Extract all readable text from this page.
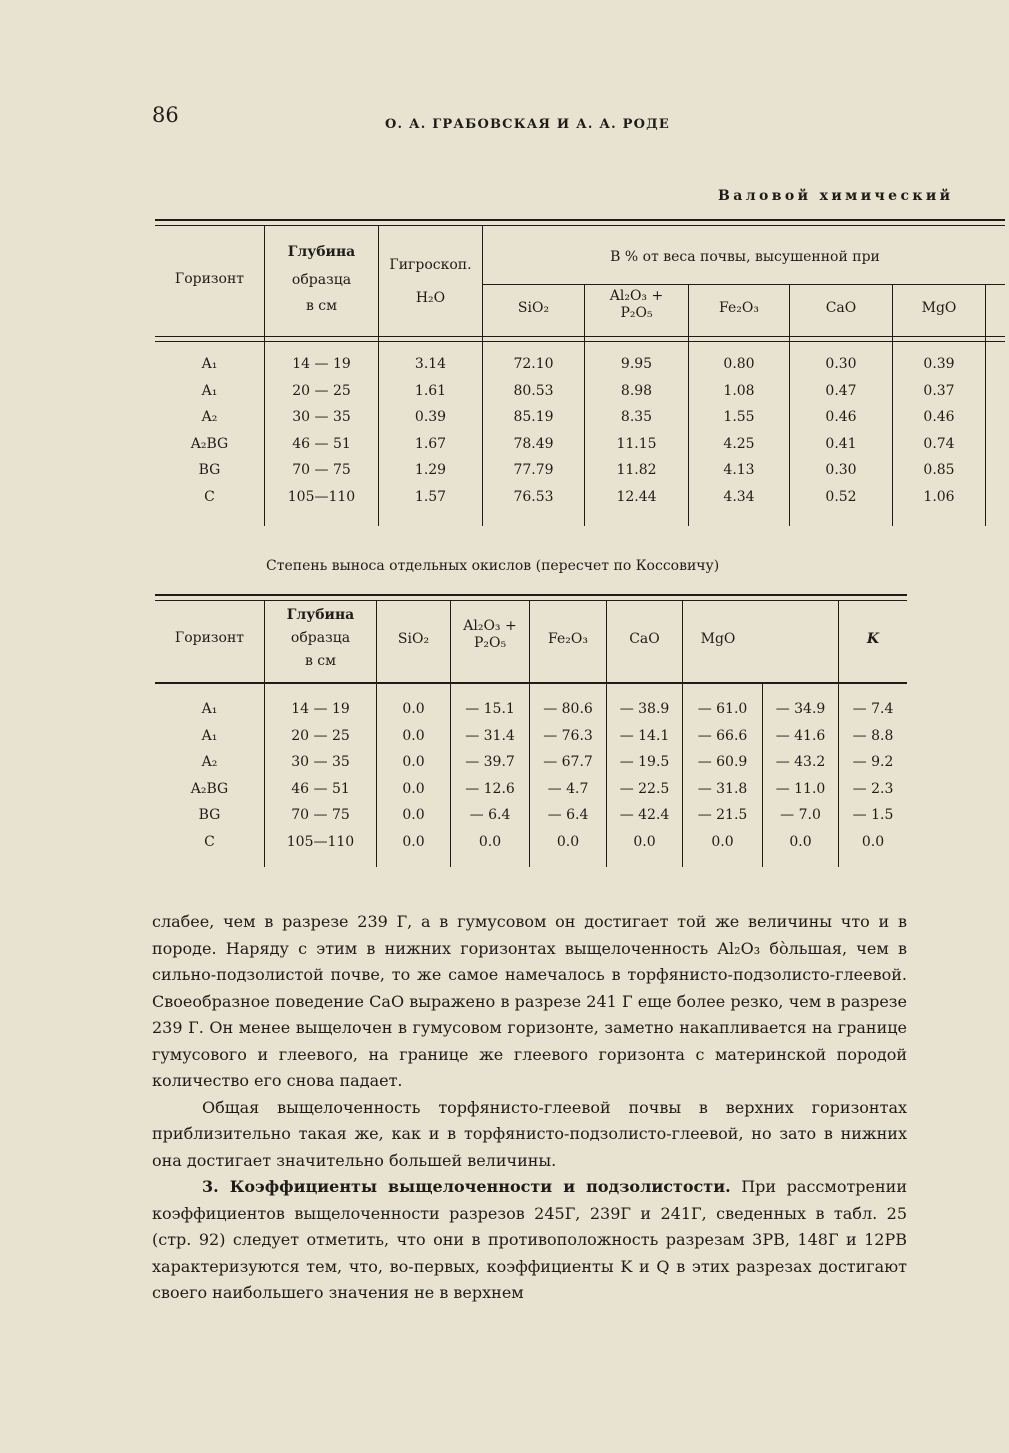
86	О. А. ГРАБОВСКАЯ И А. А. РОДЕ
Валовой химический
Горизонт
Глубина
образца
в см
Гигроскоп.
H₂O
В % от веса почвы, высушенной при
SiO₂
Al₂O₃ +
P₂O₅	Fe₂O₃	CaO	MgO
A₁	14 — 19	3.14	72.10	9.95	0.80	0.30	0.39
A₁	20 — 25	1.61	80.53	8.98	1.08	0.47	0.37
A₂	30 — 35	0.39	85.19	8.35	1.55	0.46	0.46
A₂BG	46 — 51	1.67	78.49	11.15	4.25	0.41	0.74
BG	70 — 75	1.29	77.79	11.82	4.13	0.30	0.85
C	105—110	1.57	76.53	12.44	4.34	0.52	1.06
Степень выноса отдельных окислов (пересчет по Коссовичу)
Горизонт
Глубина
образца
в см
SiO₂
Al₂O₃ +
P₂O₅	Fe₂O₃	CaO	MgO	K
A₁	14 — 19	0.0	— 15.1	— 80.6	— 38.9	— 61.0	— 34.9	— 7.4
A₁	20 — 25	0.0	— 31.4	— 76.3	— 14.1	— 66.6	— 41.6	— 8.8
A₂	30 — 35	0.0	— 39.7	— 67.7	— 19.5	— 60.9	— 43.2	— 9.2
A₂BG	46 — 51	0.0	— 12.6	— 4.7	— 22.5	— 31.8	— 11.0	— 2.3
BG	70 — 75	0.0	— 6.4	— 6.4	— 42.4	— 21.5	— 7.0	— 1.5
C	105—110	0.0	0.0	0.0	0.0	0.0	0.0	0.0

слабее, чем в разрезе 239 Г, а в гумусовом он достигает той же величины что и в породе. Наряду с этим в нижних горизонтах выщелоченность Al₂O₃ бо̀льшая, чем в сильно-подзолистой почве, то же самое намечалось в торфянисто-подзолисто-глеевой. Своеобразное поведение CaO выражено в разрезе 241 Г еще более резко, чем в разрезе 239 Г. Он менее выщелочен в гумусовом горизонте, заметно накапливается на границе гумусового и глеевого, на границе же глеевого горизонта с материнской породой количество его снова падает.

Общая выщелоченность торфянисто-глеевой почвы в верхних горизонтах приблизительно такая же, как и в торфянисто-подзолисто-глеевой, но зато в нижних она достигает значительно большей величины.

3. Коэффициенты выщелоченности и подзолистости. При рассмотрении коэффициентов выщелоченности разрезов 245Г, 239Г и 241Г, сведенных в табл. 25 (стр. 92) следует отметить, что они в противоположность разрезам 3РВ, 148Г и 12РВ характеризуются тем, что, во-первых, коэффициенты K и Q в этих разрезах достигают своего наибольшего значения не в верхнем
